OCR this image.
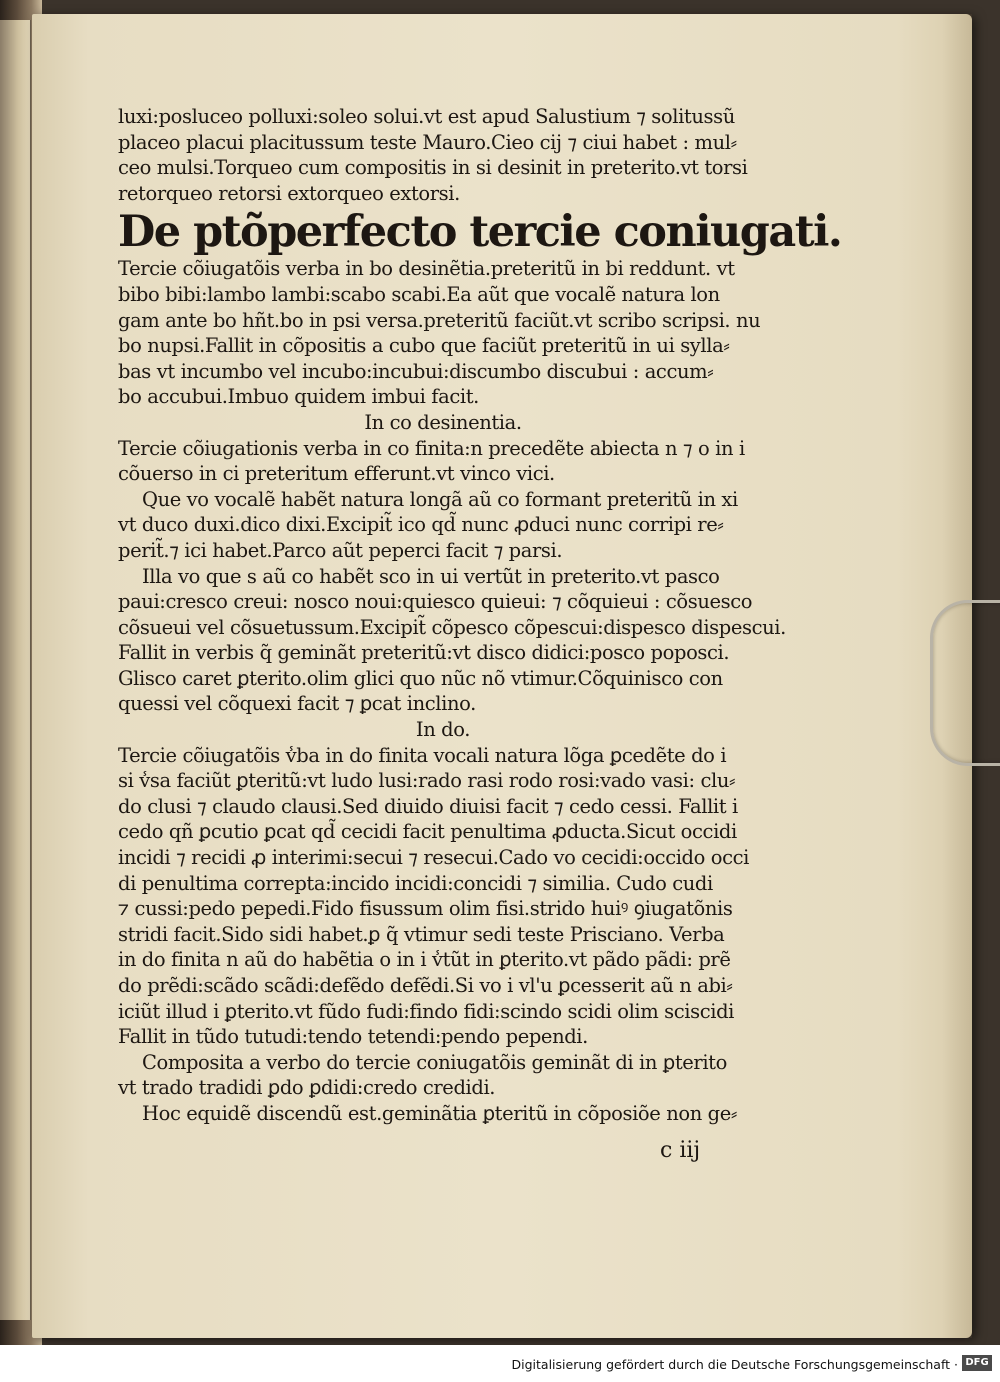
luxi:posluceo polluxi:soleo solui.vt est apud Salustium ⁊ solitussũ
placeo placui placitussum teste Mauro.Cieo cij ⁊ ciui habet : mul⸗
ceo mulsi.Torqueo cum compositis in si desinit in preterito.vt torsi
retorqueo retorsi extorqueo extorsi.
De ptõperfecto tercie coniugati.
Tercie cõiugatõis verba in bo desinẽtia.preteritũ in bi reddunt. vt
bibo bibi:lambo lambi:scabo scabi.Ea aũt que vocalẽ natura lon
gam ante bo hñt.bo in psi versa.preteritũ faciũt.vt scribo scripsi. nu
bo nupsi.Fallit in cõpositis a cubo que faciũt preteritũ in ui sylla⸗
bas vt incumbo vel incubo:incubui:discumbo discubui : accum⸗
bo accubui.Imbuo quidem imbui facit.
In co desinentia.
Tercie cõiugationis verba in co finita:n precedẽte abiecta n ⁊ o in i
cõuerso in ci preteritum efferunt.vt vinco vici.
Que vo vocalẽ habẽt natura longã aũ co formant preteritũ in xi
vt duco duxi.dico dixi.Excipit̃ ico qd̃ nunc ꝓduci nunc corripi re⸗
perit̃.⁊ ici habet.Parco aũt peperci facit ⁊ parsi.
Illa vo que s aũ co habẽt sco in ui vertũt in preterito.vt pasco
paui:cresco creui: nosco noui:quiesco quieui: ⁊ cõquieui : cõsuesco
cõsueui vel cõsuetussum.Excipit̃ cõpesco cõpescui:dispesco dispescui.
Fallit in verbis q̃ geminãt preteritũ:vt disco didici:posco poposci.
Glisco caret ꝑterito.olim glici quo nũc nõ vtimur.Cõquinisco con
quessi vel cõquexi facit ⁊ ꝑcat inclino.
In do.
Tercie cõiugatõis v̾ba in do finita vocali natura lõga ꝑcedẽte do i
si v̾sa faciũt ꝑteritũ:vt ludo lusi:rado rasi rodo rosi:vado vasi: clu⸗
do clusi ⁊ claudo clausi.Sed diuido diuisi facit ⁊ cedo cessi. Fallit i
cedo qñ ꝑcutio ꝑcat qd̃ cecidi facit penultima ꝓducta.Sicut occidi
incidi ⁊ recidi ꝓ interimi:secui ⁊ resecui.Cado vo cecidi:occido occi
di penultima correpta:incido incidi:concidi ⁊ similia. Cudo cudi
⁊ cussi:pedo pepedi.Fido fisussum olim fisi.strido huiꝰ ꝯiugatõnis
stridi facit.Sido sidi habet.ꝑ q̃ vtimur sedi teste Prisciano. Verba
in do finita n aũ do habẽtia o in i v̾tũt in ꝑterito.vt pãdo pãdi: prẽ
do prẽdi:scãdo scãdi:defẽdo defẽdi.Si vo i vl'u ꝑcesserit aũ n abi⸗
iciũt illud i ꝑterito.vt fũdo fudi:findo fidi:scindo scidi olim sciscidi
Fallit in tũdo tutudi:tendo tetendi:pendo pependi.
Composita a verbo do tercie coniugatõis geminãt di in ꝑterito
vt trado tradidi ꝑdo ꝑdidi:credo credidi.
Hoc equidẽ discendũ est.geminãtia ꝑteritũ in cõposiõe non ge⸗
c iij
Digitalisierung gefördert durch die Deutsche Forschungsgemeinschaft · DFG
